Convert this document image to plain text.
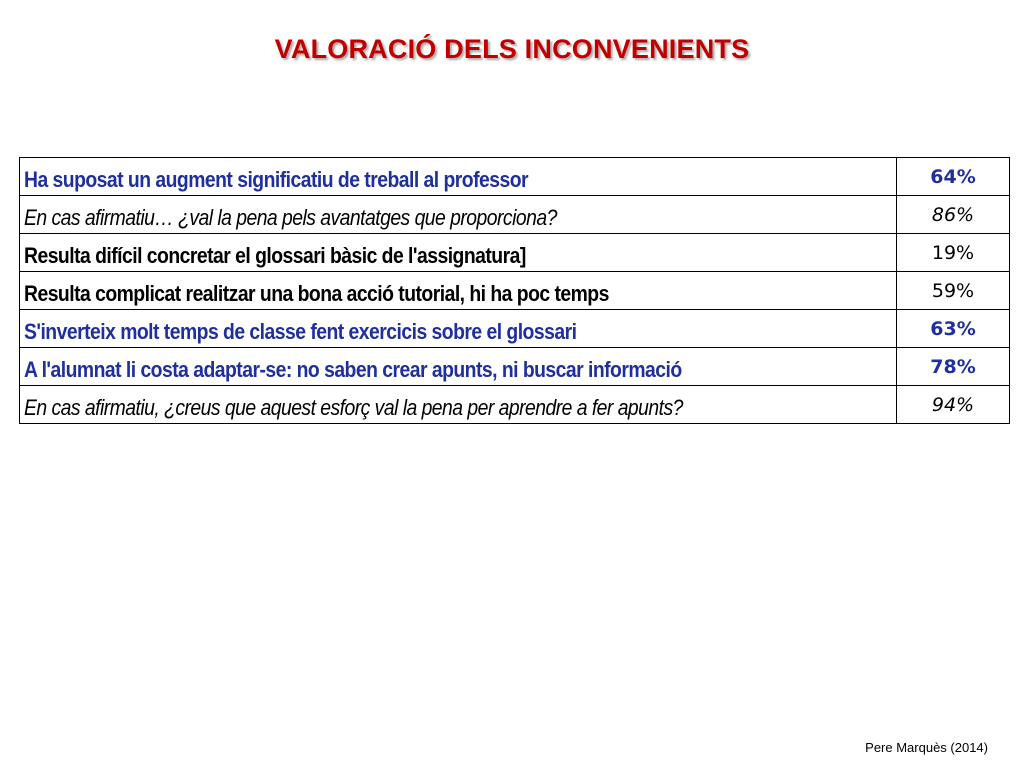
VALORACIÓ DELS INCONVENIENTS
Ha suposat un augment significatiu de treball al professor	64%
En cas afirmatiu… ¿val la pena pels avantatges que proporciona?	86%
Resulta difícil concretar el glossari bàsic de l'assignatura]	19%
Resulta complicat realitzar una bona acció tutorial, hi ha poc temps	59%
S'inverteix molt temps de classe fent exercicis sobre el glossari	63%
A l'alumnat li costa adaptar-se: no saben crear apunts, ni buscar informació	78%
En cas afirmatiu, ¿creus que aquest esforç val la pena per aprendre a fer apunts?	94%
Pere Marquès (2014)
